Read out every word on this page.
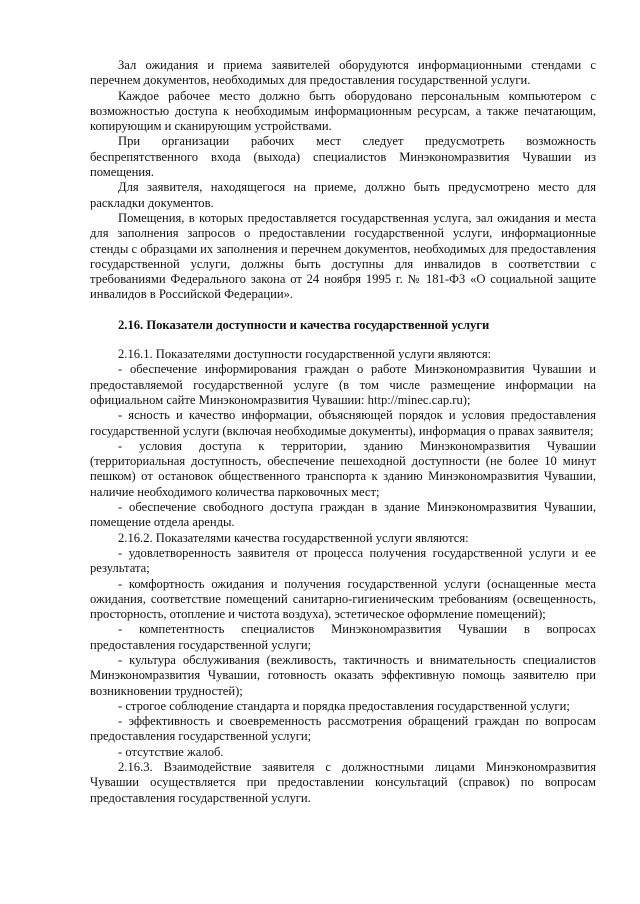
Зал ожидания и приема заявителей оборудуются информационными стендами с перечнем документов, необходимых для предоставления государственной услуги.

Каждое рабочее место должно быть оборудовано персональным компьютером с возможностью доступа к необходимым информационным ресурсам, а также печатающим, копирующим и сканирующим устройствами.

При организации рабочих мест следует предусмотреть возможность беспрепятственного входа (выхода) специалистов Минэкономразвития Чувашии из помещения.

Для заявителя, находящегося на приеме, должно быть предусмотрено место для раскладки документов.

Помещения, в которых предоставляется государственная услуга, зал ожидания и места для заполнения запросов о предоставлении государственной услуги, информационные стенды с образцами их заполнения и перечнем документов, необходимых для предоставления государственной услуги, должны быть доступны для инвалидов в соответствии с требованиями Федерального закона от 24 ноября 1995 г. № 181-ФЗ «О социальной защите инвалидов в Российской Федерации».

2.16. Показатели доступности и качества государственной услуги

2.16.1. Показателями доступности государственной услуги являются:

- обеспечение информирования граждан о работе Минэкономразвития Чувашии и предоставляемой государственной услуге (в том числе размещение информации на официальном сайте Минэкономразвития Чувашии: http://minec.cap.ru);

- ясность и качество информации, объясняющей порядок и условия предоставления государственной услуги (включая необходимые документы), информация о правах заявителя;

- условия доступа к территории, зданию Минэкономразвития Чувашии (территориальная доступность, обеспечение пешеходной доступности (не более 10 минут пешком) от остановок общественного транспорта к зданию Минэкономразвития Чувашии, наличие необходимого количества парковочных мест;

- обеспечение свободного доступа граждан в здание Минэкономразвития Чувашии, помещение отдела аренды.

2.16.2. Показателями качества государственной услуги являются:

- удовлетворенность заявителя от процесса получения государственной услуги и ее результата;

- комфортность ожидания и получения государственной услуги (оснащенные места ожидания, соответствие помещений санитарно-гигиеническим требованиям (освещенность, просторность, отопление и чистота воздуха), эстетическое оформление помещений);

- компетентность специалистов Минэкономразвития Чувашии в вопросах предоставления государственной услуги;

- культура обслуживания (вежливость, тактичность и внимательность специалистов Минэкономразвития Чувашии, готовность оказать эффективную помощь заявителю при возникновении трудностей);

- строгое соблюдение стандарта и порядка предоставления государственной услуги;

- эффективность и своевременность рассмотрения обращений граждан по вопросам предоставления государственной услуги;

- отсутствие жалоб.

2.16.3. Взаимодействие заявителя с должностными лицами Минэкономразвития Чувашии осуществляется при предоставлении консультаций (справок) по вопросам предоставления государственной услуги.
